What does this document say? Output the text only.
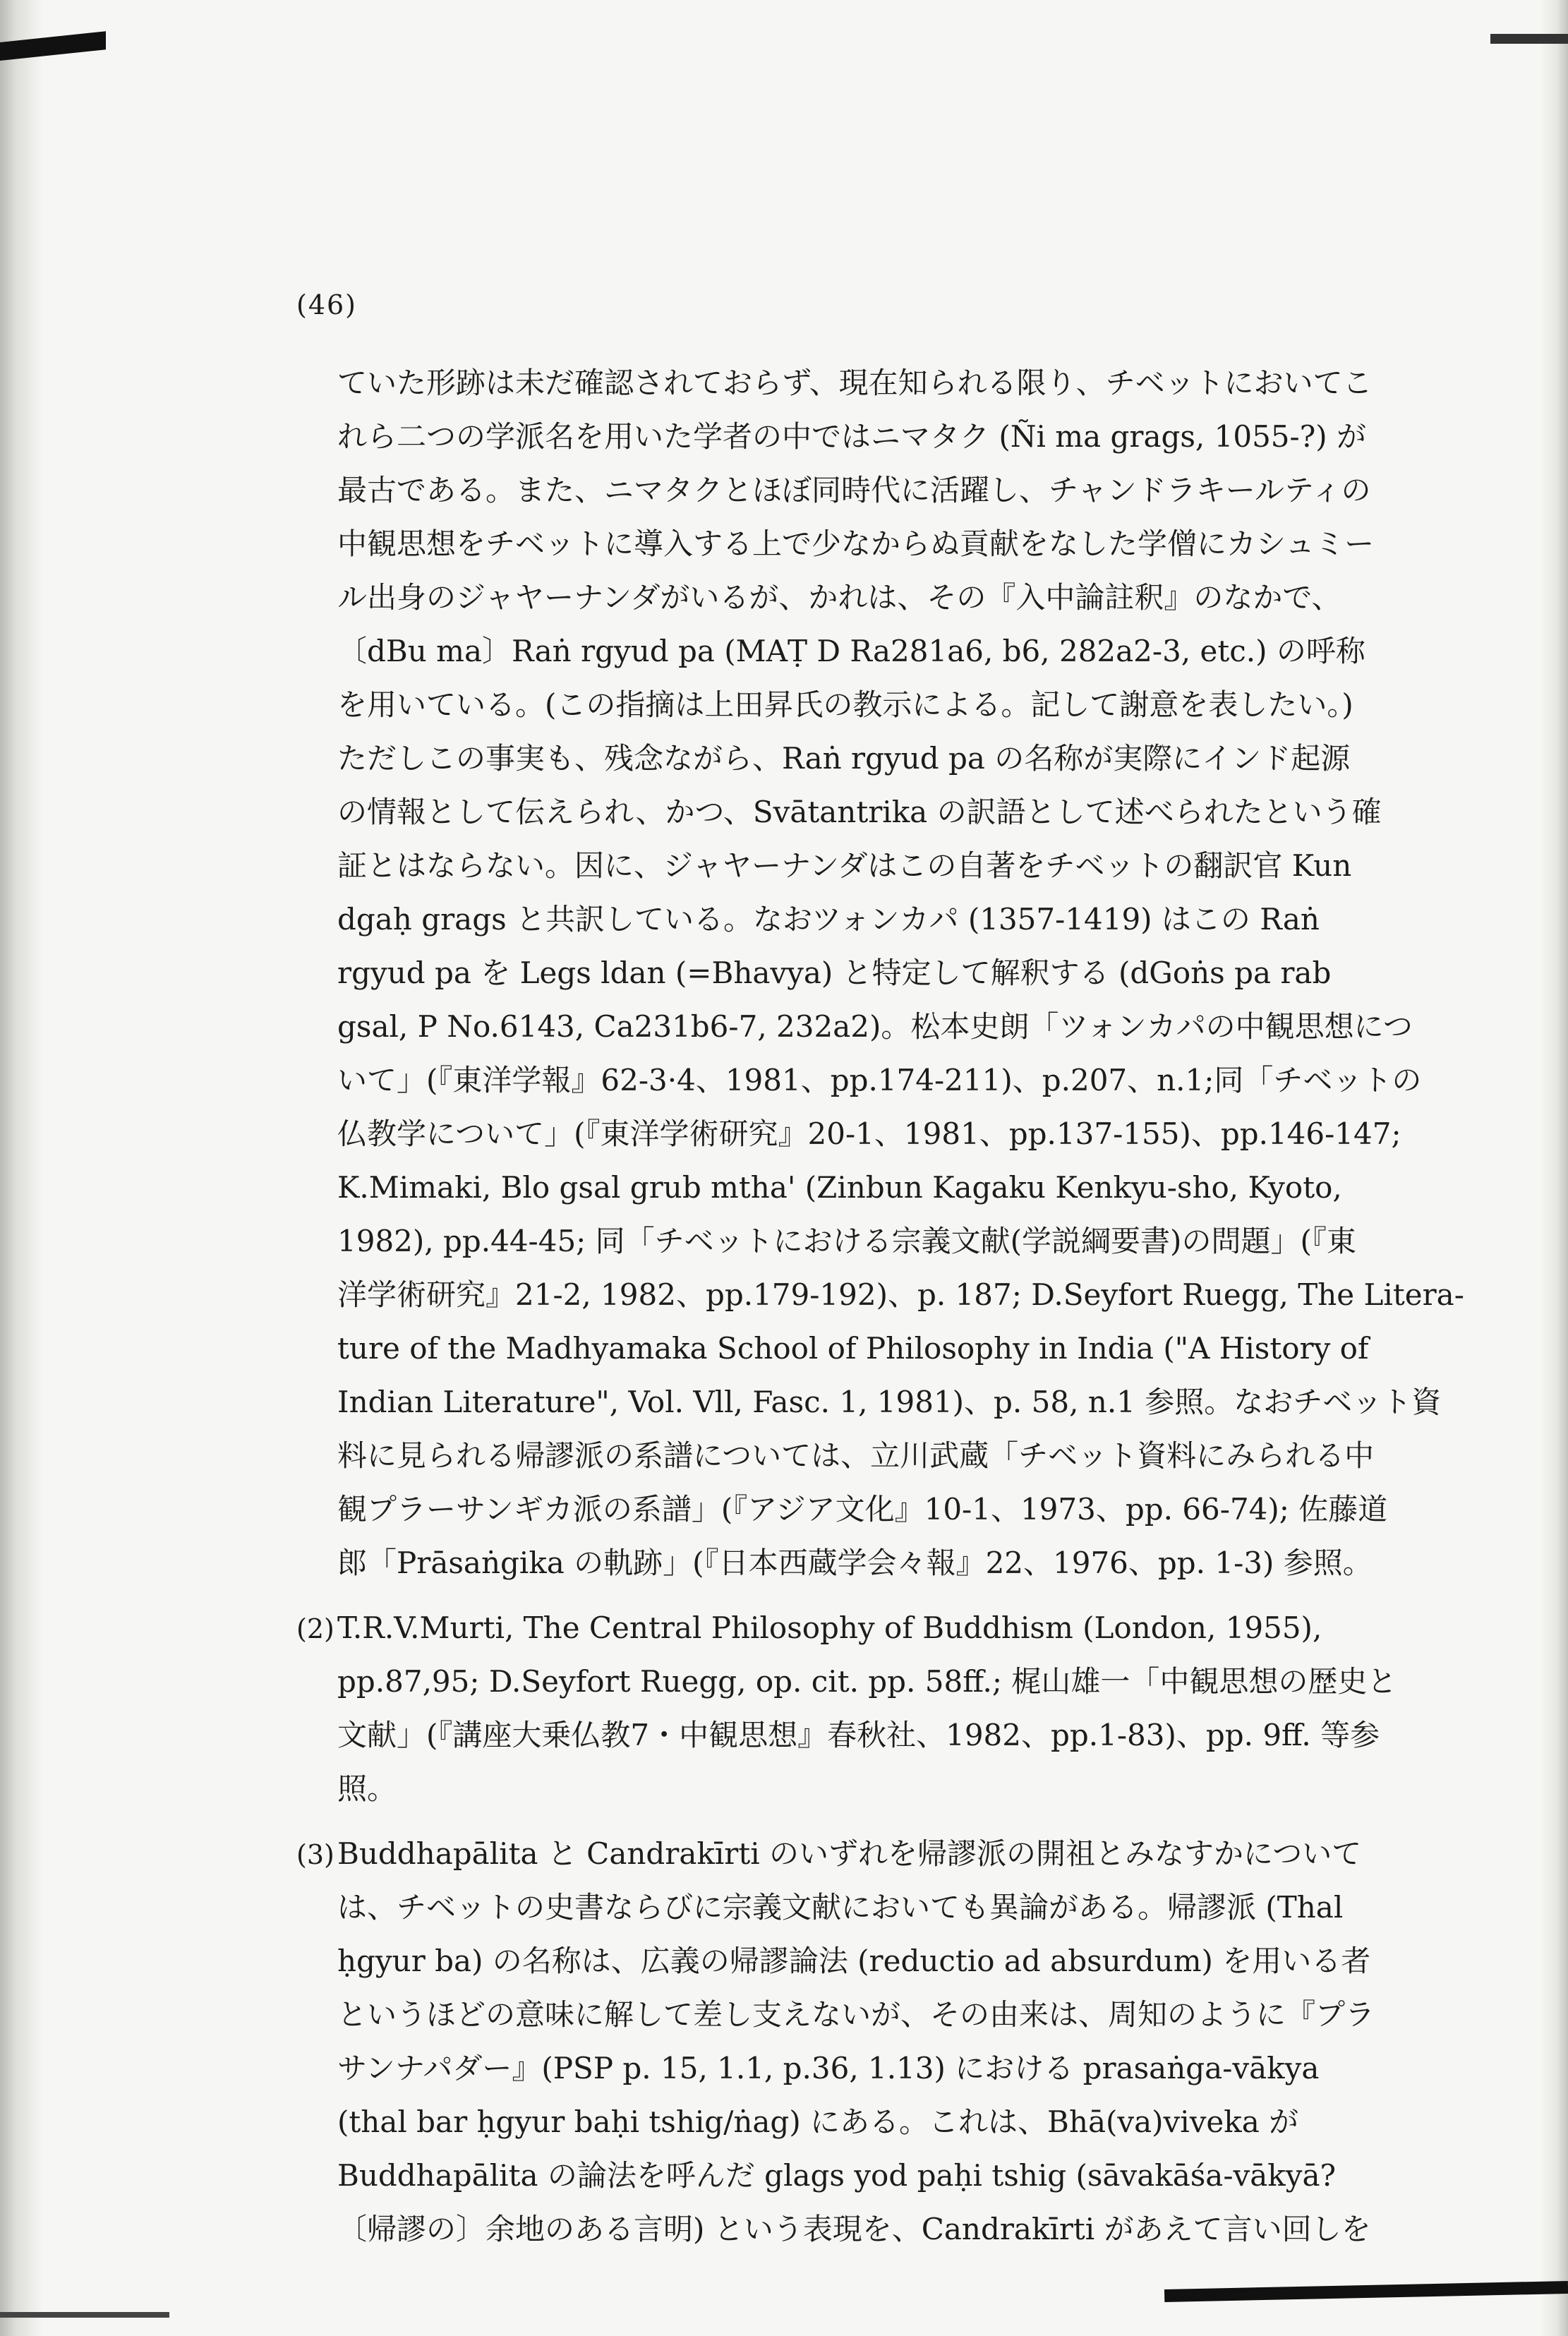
(46)
ていた形跡は未だ確認されておらず、現在知られる限り、チベットにおいてこ
れら二つの学派名を用いた学者の中ではニマタク (Ñi ma grags, 1055-?) が
最古である。また、ニマタクとほぼ同時代に活躍し、チャンドラキールティの
中観思想をチベットに導入する上で少なからぬ貢献をなした学僧にカシュミー
ル出身のジャヤーナンダがいるが、かれは、その『入中論註釈』のなかで、
〔dBu ma〕Raṅ rgyud pa (MAṬ D Ra281a6, b6, 282a2-3, etc.) の呼称
を用いている。(この指摘は上田昇氏の教示による。記して謝意を表したい。)
ただしこの事実も、残念ながら、Raṅ rgyud pa の名称が実際にインド起源
の情報として伝えられ、かつ、Svātantrika の訳語として述べられたという確
証とはならない。因に、ジャヤーナンダはこの自著をチベットの翻訳官 Kun
dgaḥ grags と共訳している。なおツォンカパ (1357-1419) はこの Raṅ
rgyud pa を Legs ldan (=Bhavya) と特定して解釈する (dGoṅs pa rab
gsal, P No.6143, Ca231b6-7, 232a2)。松本史朗「ツォンカパの中観思想につ
いて」(『東洋学報』62-3·4、1981、pp.174-211)、p.207、n.1;同「チベットの
仏教学について」(『東洋学術研究』20-1、1981、pp.137-155)、pp.146-147;
K.Mimaki, Blo gsal grub mtha' (Zinbun Kagaku Kenkyu-sho, Kyoto,
1982), pp.44-45; 同「チベットにおける宗義文献(学説綱要書)の問題」(『東
洋学術研究』21-2, 1982、pp.179-192)、p. 187; D.Seyfort Ruegg, The Litera-
ture of the Madhyamaka School of Philosophy in India ("A History of
Indian Literature", Vol. Vll, Fasc. 1, 1981)、p. 58, n.1 参照。なおチベット資
料に見られる帰謬派の系譜については、立川武蔵「チベット資料にみられる中
観プラーサンギカ派の系譜」(『アジア文化』10-1、1973、pp. 66-74); 佐藤道
郎「Prāsaṅgika の軌跡」(『日本西蔵学会々報』22、1976、pp. 1-3) 参照。
(2)T.R.V.Murti, The Central Philosophy of Buddhism (London, 1955),
pp.87,95; D.Seyfort Ruegg, op. cit. pp. 58ff.; 梶山雄一「中観思想の歴史と
文献」(『講座大乗仏教7・中観思想』春秋社、1982、pp.1-83)、pp. 9ff. 等参
照。
(3)Buddhapālita と Candrakīrti のいずれを帰謬派の開祖とみなすかについて
は、チベットの史書ならびに宗義文献においても異論がある。帰謬派 (Thal
ḥgyur ba) の名称は、広義の帰謬論法 (reductio ad absurdum) を用いる者
というほどの意味に解して差し支えないが、その由来は、周知のように『プラ
サンナパダー』(PSP p. 15, 1.1, p.36, 1.13) における prasaṅga-vākya
(thal bar ḥgyur baḥi tshig/ṅag) にある。これは、Bhā(va)viveka が
Buddhapālita の論法を呼んだ glags yod paḥi tshig (sāvakāśa-vākyā?
〔帰謬の〕余地のある言明) という表現を、Candrakīrti があえて言い回しを
